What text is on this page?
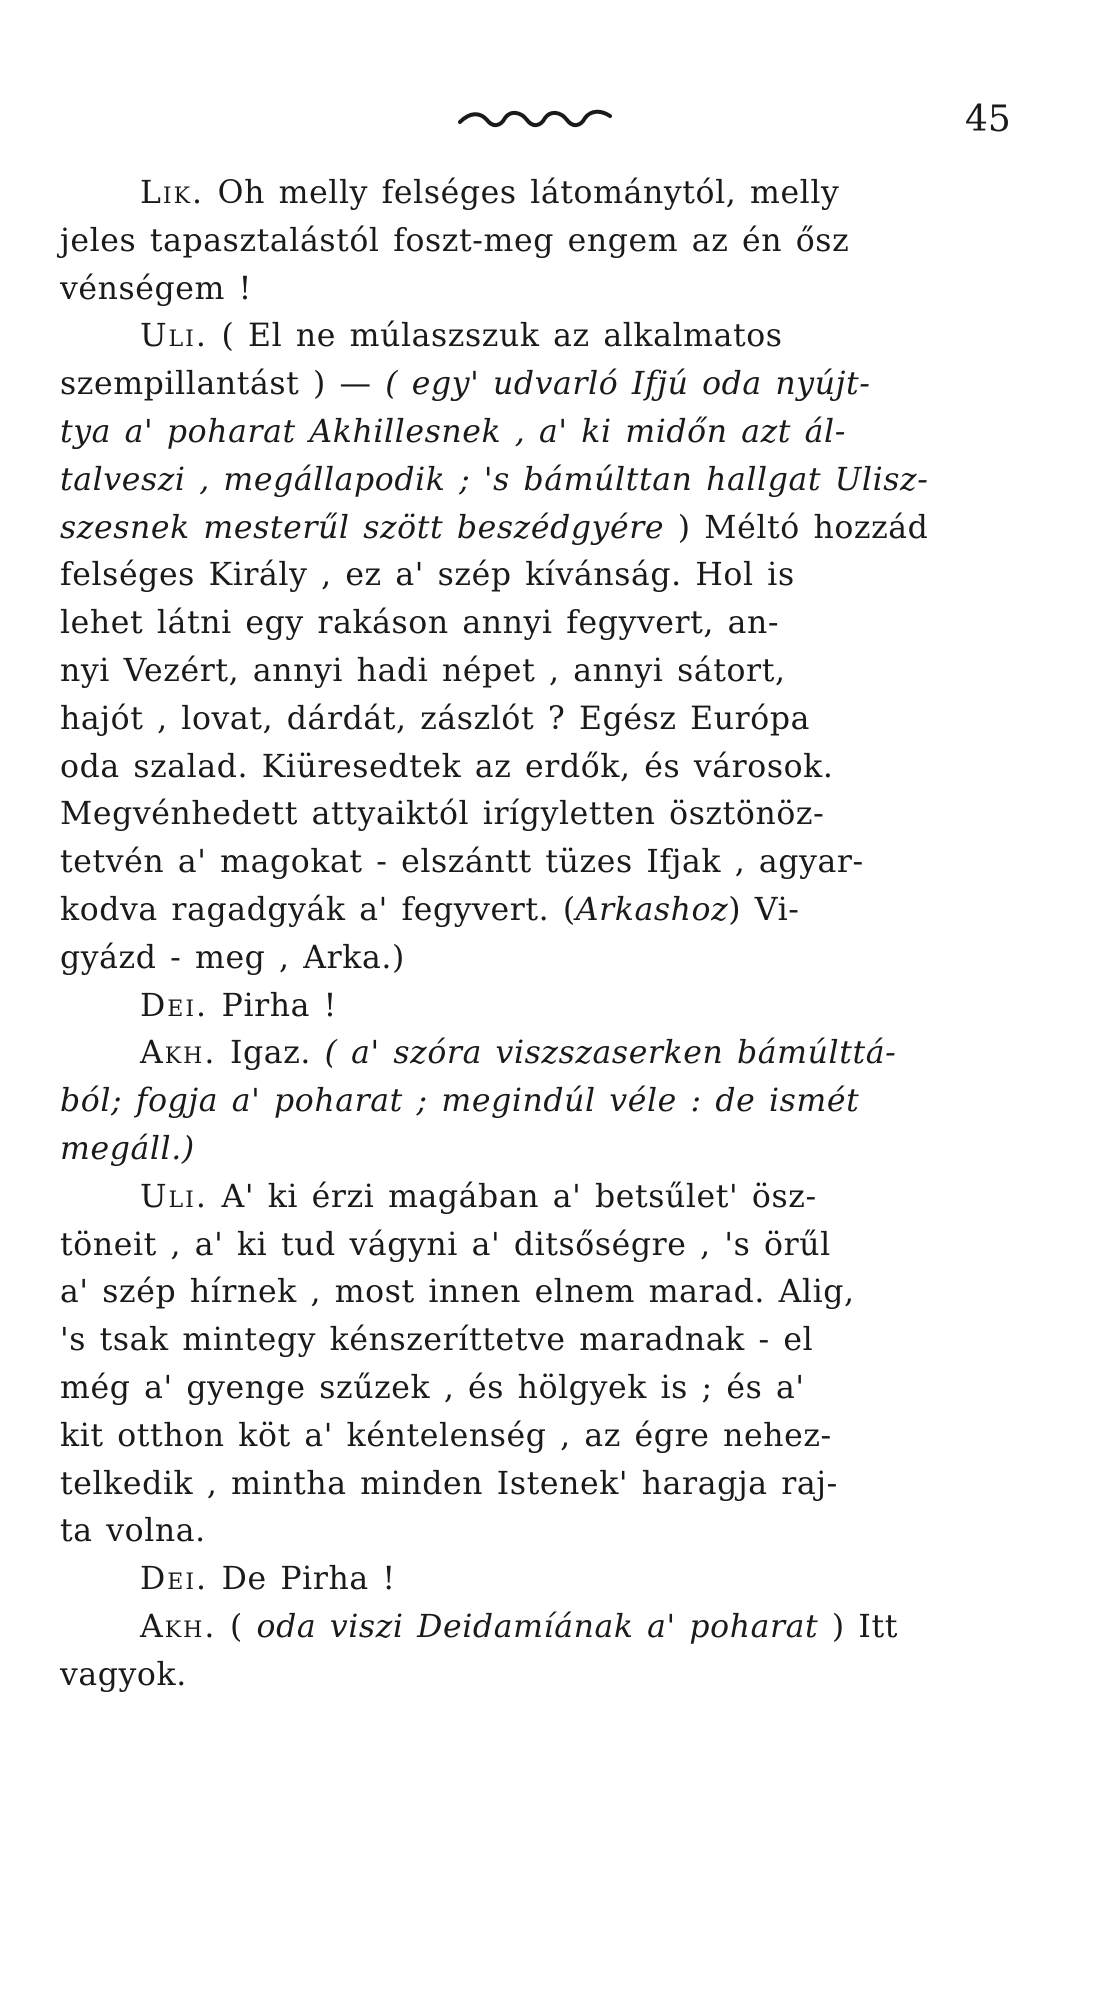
45
Lik. Oh melly felséges látománytól, melly
jeles tapasztalástól foszt-meg engem az én ősz
vénségem !
Uli. ( El ne múlaszszuk az alkalmatos
szempillantást ) — ( egy' udvarló Ifjú oda nyújt-
tya a' poharat Akhillesnek , a' ki midőn azt ál-
talveszi , megállapodik ; 's bámúlttan hallgat Ulisz-
szesnek mesterűl szött beszédgyére ) Méltó hozzád
felséges Király , ez a' szép kívánság. Hol is
lehet látni egy rakáson annyi fegyvert, an-
nyi Vezért, annyi hadi népet , annyi sátort,
hajót , lovat, dárdát, zászlót ? Egész Európa
oda szalad. Kiüresedtek az erdők, és városok.
Megvénhedett attyaiktól irígyletten ösztönöz-
tetvén a' magokat - elszántt tüzes Ifjak , agyar-
kodva ragadgyák a' fegyvert. (Arkashoz) Vi-
gyázd - meg , Arka.)
Dei. Pirha !
Akh. Igaz. ( a' szóra viszszaserken bámúlttá-
ból; fogja a' poharat ; megindúl véle : de ismét
megáll.)
Uli. A' ki érzi magában a' betsűlet' ösz-
töneit , a' ki tud vágyni a' ditsőségre , 's örűl
a' szép hírnek , most innen elnem marad. Alig,
's tsak mintegy kénszeríttetve maradnak - el
még a' gyenge szűzek , és hölgyek is ; és a'
kit otthon köt a' kéntelenség , az égre nehez-
telkedik , mintha minden Istenek' haragja raj-
ta volna.
Dei. De Pirha !
Akh. ( oda viszi Deidamíának a' poharat ) Itt
vagyok.
